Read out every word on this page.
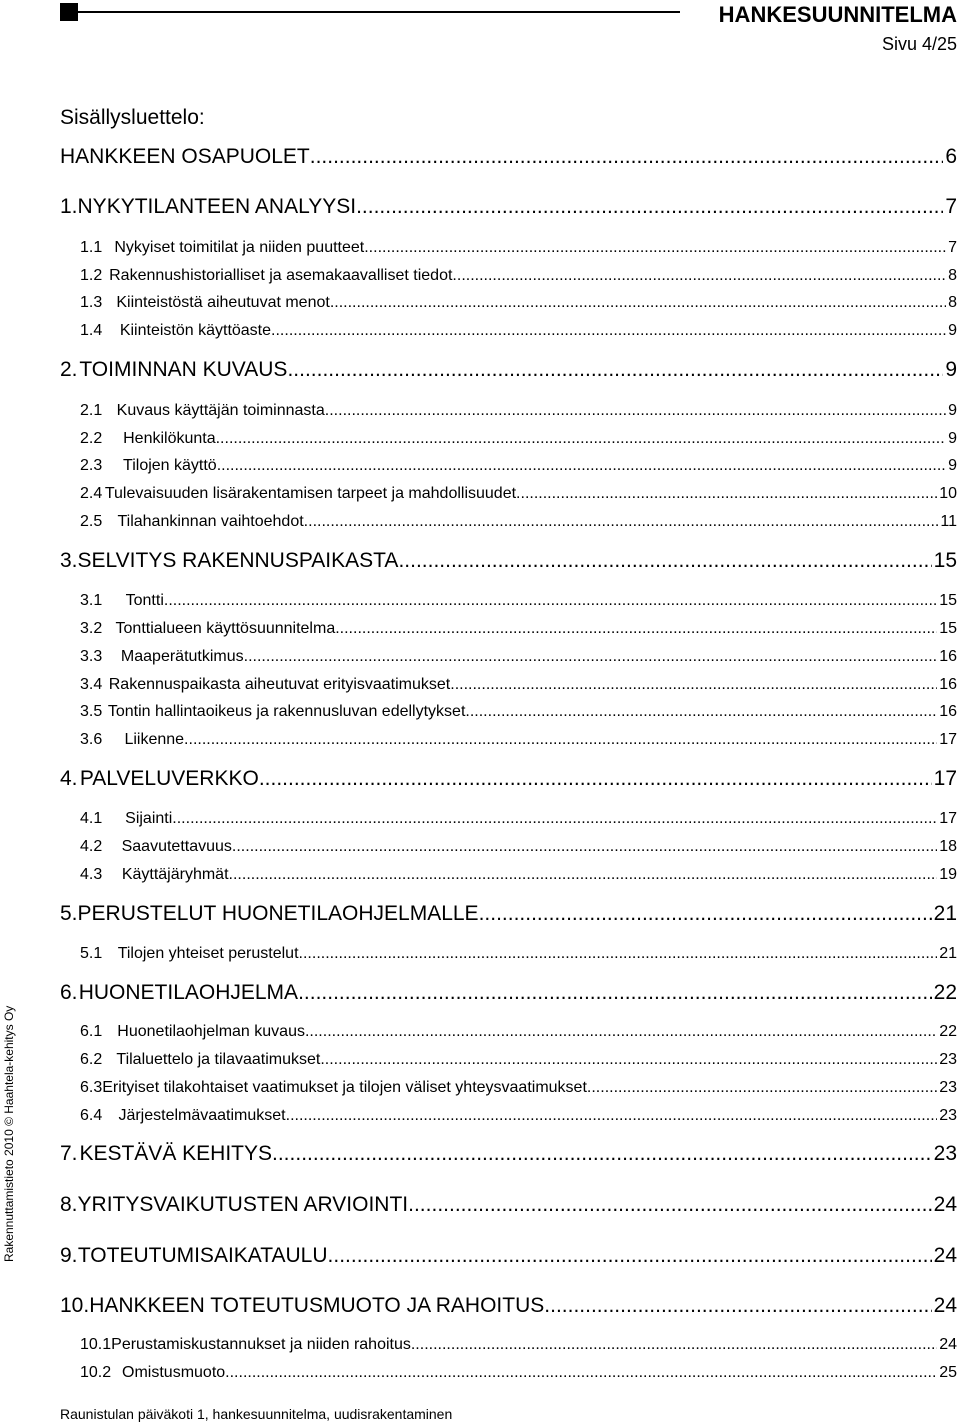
HANKESUUNNITELMA
Sivu 4/25
Rakennuttamistieto 2010 © Haahtela-kehitys Oy
Sisällysluettelo:
HANKKEEN OSAPUOLET .....	6
1. NYKYTILANTEEN ANALYYSI .....	7
1.1 Nykyiset toimitilat ja niiden puutteet .....	7
1.2 Rakennushistorialliset ja asemakaavalliset tiedot .....	8
1.3 Kiinteistöstä aiheutuvat menot .....	8
1.4	Kiinteistön käyttöaste .....	9
2. TOIMINNAN KUVAUS .....	9
2.1 Kuvaus käyttäjän toiminnasta .....	9
2.2	Henkilökunta .....	9
2.3	Tilojen käyttö .....	9
2.4 Tulevaisuuden lisärakentamisen tarpeet ja mahdollisuudet .....	10
2.5 Tilahankinnan vaihtoehdot .....	11
3. SELVITYS RAKENNUSPAIKASTA .....	15
3.1	Tontti .....	15
3.2 Tonttialueen käyttösuunnitelma .....	15
3.3	Maaperätutkimus .....	16
3.4 Rakennuspaikasta aiheutuvat erityisvaatimukset .....	16
3.5 Tontin hallintaoikeus ja rakennusluvan edellytykset .....	16
3.6	Liikenne .....	17
4. PALVELUVERKKO .....	17
4.1	Sijainti .....	17
4.2	Saavutettavuus .....	18
4.3	Käyttäjäryhmät .....	19
5. PERUSTELUT HUONETILAOHJELMALLE .....	21
5.1 Tilojen yhteiset perustelut .....	21
6. HUONETILAOHJELMA .....	22
6.1 Huonetilaohjelman kuvaus .....	22
6.2 Tilaluettelo ja tilavaatimukset .....	23
6.3 Erityiset tilakohtaiset vaatimukset ja tilojen väliset yhteysvaatimukset .....	23
6.4	Järjestelmävaatimukset .....	23
7. KESTÄVÄ KEHITYS .....	23
8. YRITYSVAIKUTUSTEN ARVIOINTI .....	24
9. TOTEUTUMISAIKATAULU .....	24
10. HANKKEEN TOTEUTUSMUOTO JA RAHOITUS .....	24
10.1 Perustamiskustannukset ja niiden rahoitus .....	24
10.2 Omistusmuoto .....	25
Raunistulan päiväkoti 1, hankesuunnitelma, uudisrakentaminen
